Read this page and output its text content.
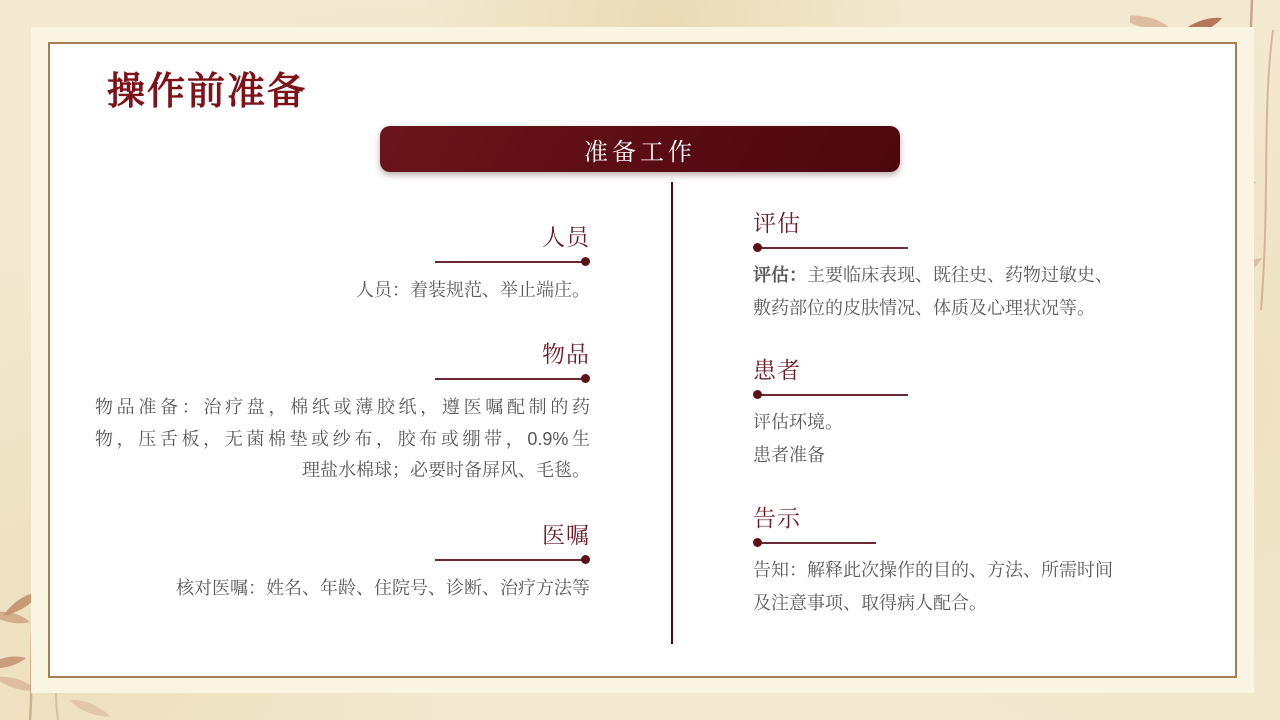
操作前准备
准备工作
人员

人员：着装规范、举止端庄。

物品

物品准备：治疗盘，棉纸或薄胶纸，遵医嘱配制的药
物，压舌板，无菌棉垫或纱布，胶布或绷带，0.9%生
理盐水棉球；必要时备屏风、毛毯。

医嘱

核对医嘱：姓名、年龄、住院号、诊断、治疗方法等

评估

评估：主要临床表现、既往史、药物过敏史、
敷药部位的皮肤情况、体质及心理状况等。

患者

评估环境。
患者准备

告示

告知：解释此次操作的目的、方法、所需时间
及注意事项、取得病人配合。
